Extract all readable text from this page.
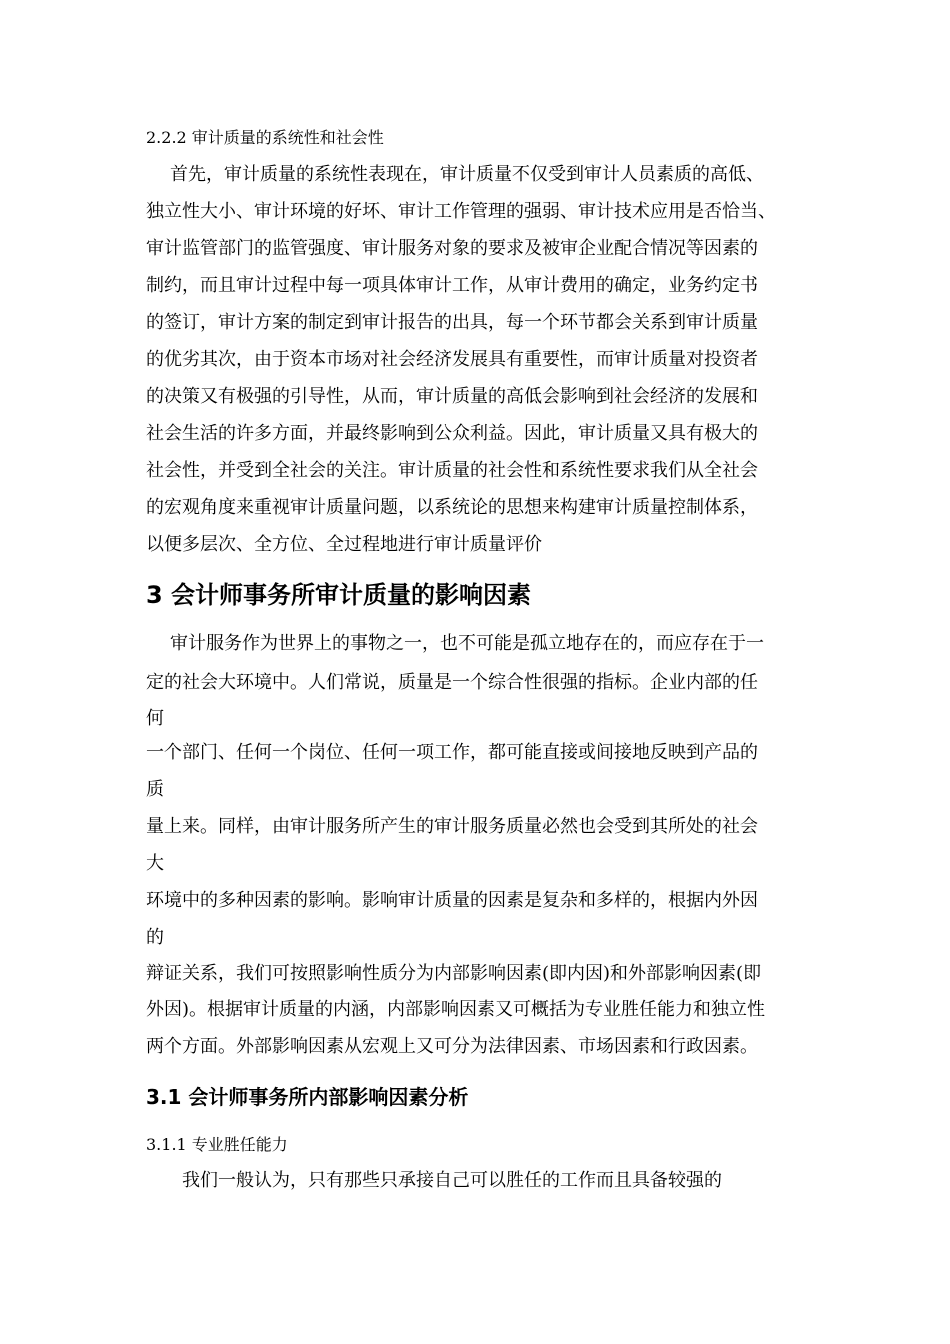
2.2.2 审计质量的系统性和社会性
首先，审计质量的系统性表现在，审计质量不仅受到审计人员素质的高低、
独立性大小、审计环境的好坏、审计工作管理的强弱、审计技术应用是否恰当、
审计监管部门的监管强度、审计服务对象的要求及被审企业配合情况等因素的
制约，而且审计过程中每一项具体审计工作，从审计费用的确定，业务约定书
的签订，审计方案的制定到审计报告的出具，每一个环节都会关系到审计质量
的优劣其次，由于资本市场对社会经济发展具有重要性，而审计质量对投资者
的决策又有极强的引导性，从而，审计质量的高低会影响到社会经济的发展和
社会生活的许多方面，并最终影响到公众利益。因此，审计质量又具有极大的
社会性，并受到全社会的关注。审计质量的社会性和系统性要求我们从全社会
的宏观角度来重视审计质量问题，以系统论的思想来构建审计质量控制体系，
以便多层次、全方位、全过程地进行审计质量评价
3 会计师事务所审计质量的影响因素
审计服务作为世界上的事物之一，也不可能是孤立地存在的，而应存在于一
定的社会大环境中。人们常说，质量是一个综合性很强的指标。企业内部的任
何
一个部门、任何一个岗位、任何一项工作，都可能直接或间接地反映到产品的
质
量上来。同样，由审计服务所产生的审计服务质量必然也会受到其所处的社会
大
环境中的多种因素的影响。影响审计质量的因素是复杂和多样的，根据内外因
的
辩证关系，我们可按照影响性质分为内部影响因素(即内因)和外部影响因素(即
外因)。根据审计质量的内涵，内部影响因素又可概括为专业胜任能力和独立性
两个方面。外部影响因素从宏观上又可分为法律因素、市场因素和行政因素。
3.1 会计师事务所内部影响因素分析
3.1.1 专业胜任能力
我们一般认为，只有那些只承接自己可以胜任的工作而且具备较强的
